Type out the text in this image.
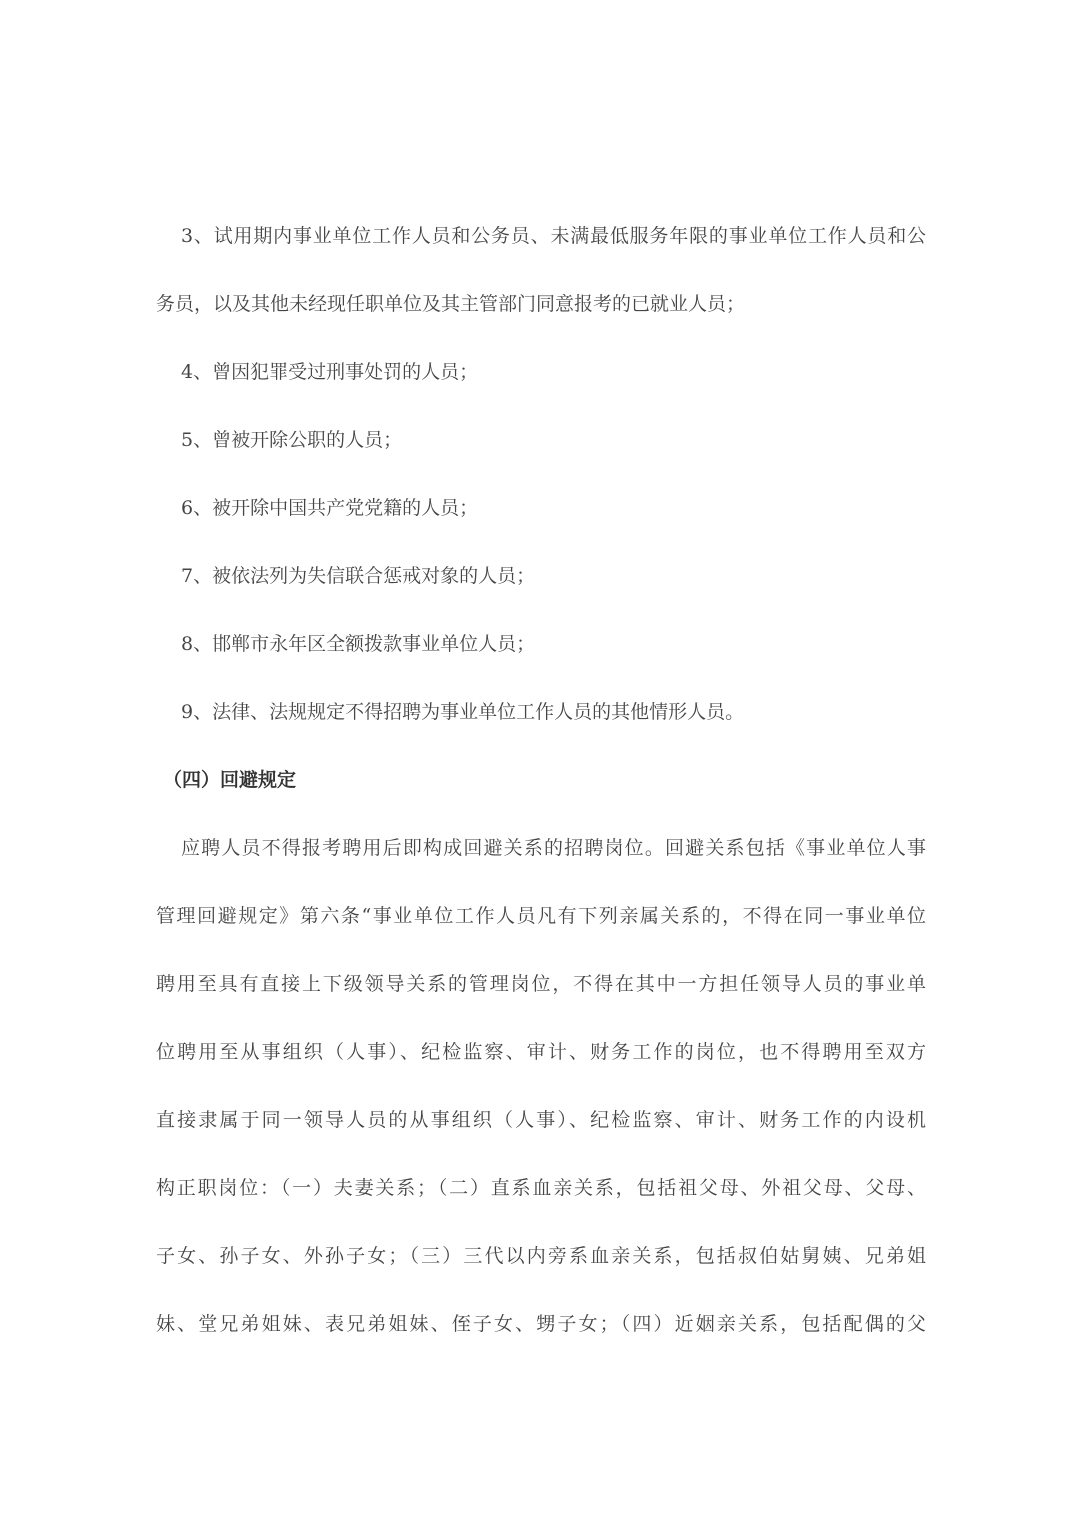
3、试用期内事业单位工作人员和公务员、未满最低服务年限的事业单位工作人员和公
务员，以及其他未经现任职单位及其主管部门同意报考的已就业人员；
4、曾因犯罪受过刑事处罚的人员；
5、曾被开除公职的人员；
6、被开除中国共产党党籍的人员；
7、被依法列为失信联合惩戒对象的人员；
8、邯郸市永年区全额拨款事业单位人员；
9、法律、法规规定不得招聘为事业单位工作人员的其他情形人员。
（四）回避规定
应聘人员不得报考聘用后即构成回避关系的招聘岗位。回避关系包括《事业单位人事
管理回避规定》第六条“事业单位工作人员凡有下列亲属关系的，不得在同一事业单位
聘用至具有直接上下级领导关系的管理岗位，不得在其中一方担任领导人员的事业单
位聘用至从事组织（人事）、纪检监察、审计、财务工作的岗位，也不得聘用至双方
直接隶属于同一领导人员的从事组织（人事）、纪检监察、审计、财务工作的内设机
构正职岗位：（一）夫妻关系；（二）直系血亲关系，包括祖父母、外祖父母、父母、
子女、孙子女、外孙子女；（三）三代以内旁系血亲关系，包括叔伯姑舅姨、兄弟姐
妹、堂兄弟姐妹、表兄弟姐妹、侄子女、甥子女；（四）近姻亲关系，包括配偶的父
